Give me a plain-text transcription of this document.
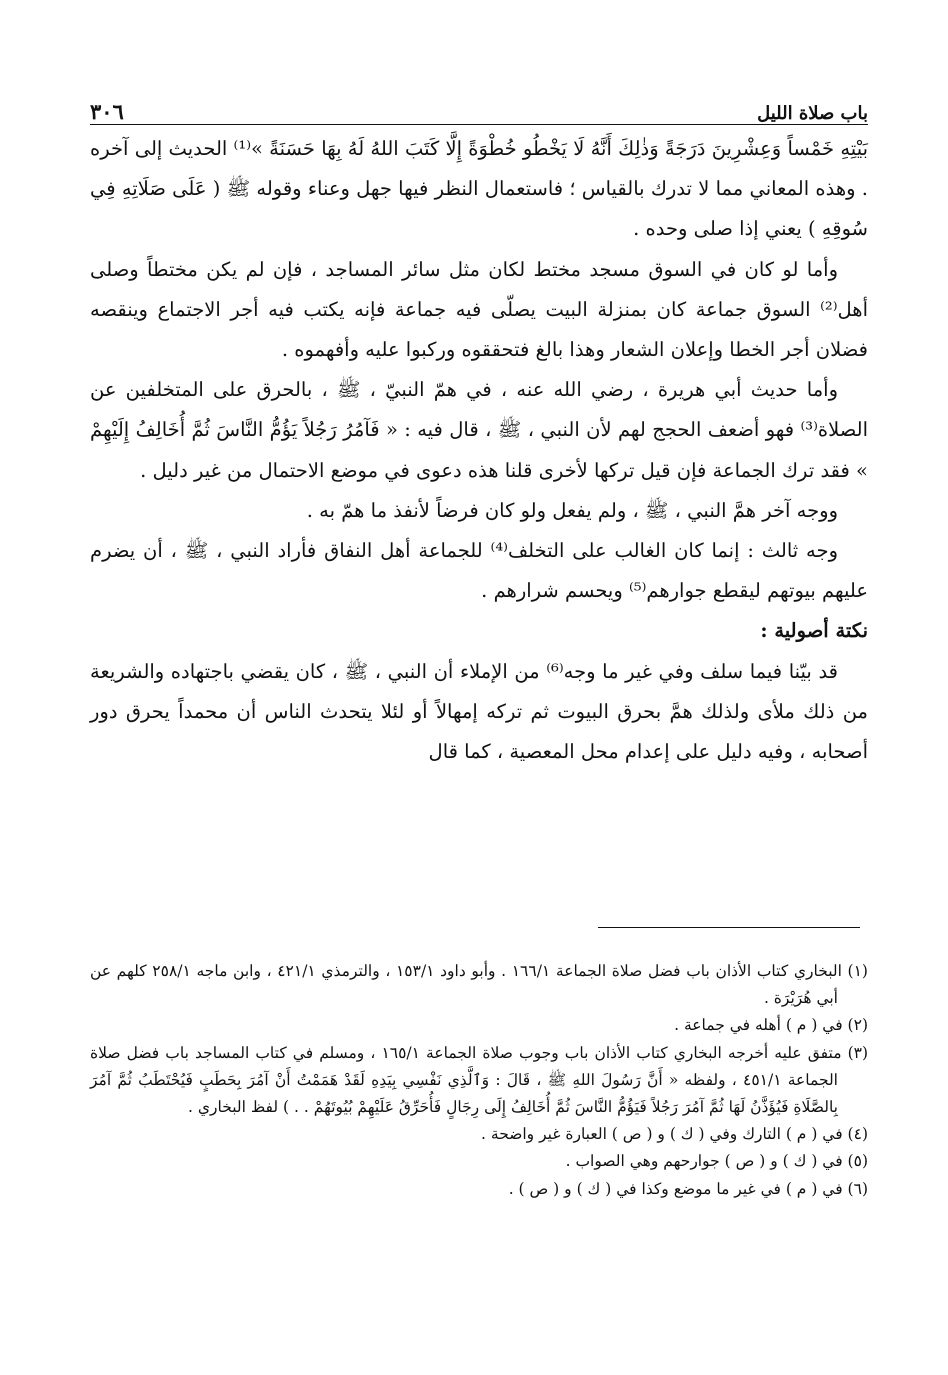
باب صلاة الليل
٣٠٦

بَيْتِهِ خَمْساً وَعِشْرِينَ دَرَجَةً وَذٰلِكَ أَنَّهُ لَا يَخْطُو خُطْوَةً إِلَّا كَتَبَ اللهُ لَهُ بِهَا حَسَنَةً »⁽¹⁾ الحديث إلى آخره . وهذه المعاني مما لا تدرك بالقياس ؛ فاستعمال النظر فيها جهل وعناء وقوله ﷺ ( عَلَى صَلَاتِهِ فِي سُوقِهِ ) يعني إذا صلى وحده .

وأما لو كان في السوق مسجد مختط لكان مثل سائر المساجد ، فإن لم يكن مختطاً وصلى أهل⁽²⁾ السوق جماعة كان بمنزلة البيت يصلّى فيه جماعة فإنه يكتب فيه أجر الاجتماع وينقصه فضلان أجر الخطا وإعلان الشعار وهذا بالغ فتحققوه وركبوا عليه وأفهموه .

وأما حديث أبي هريرة ، رضي الله عنه ، في همّ النبيّ ، ﷺ ، بالحرق على المتخلفين عن الصلاة⁽³⁾ فهو أضعف الحجج لهم لأن النبي ، ﷺ ، قال فيه : « فَآمُرُ رَجُلاً يَؤُمُّ النَّاسَ ثُمَّ أُخَالِفُ إِلَيْهِمْ » فقد ترك الجماعة فإن قيل تركها لأخرى قلنا هذه دعوى في موضع الاحتمال من غير دليل .

ووجه آخر همَّ النبي ، ﷺ ، ولم يفعل ولو كان فرضاً لأنفذ ما همّ به .

وجه ثالث : إنما كان الغالب على التخلف⁽⁴⁾ للجماعة أهل النفاق فأراد النبي ، ﷺ ، أن يضرم عليهم بيوتهم ليقطع جوارهم⁽⁵⁾ ويحسم شرارهم .

نكتة أصولية :

قد بيّنا فيما سلف وفي غير ما وجه⁽⁶⁾ من الإملاء أن النبي ، ﷺ ، كان يقضي باجتهاده والشريعة من ذلك ملأى ولذلك همَّ بحرق البيوت ثم تركه إمهالاً أو لئلا يتحدث الناس أن محمداً يحرق دور أصحابه ، وفيه دليل على إعدام محل المعصية ، كما قال

(١) البخاري كتاب الأذان باب فضل صلاة الجماعة ١٦٦/١ . وأبو داود ١٥٣/١ ، والترمذي ٤٢١/١ ، وابن ماجه ٢٥٨/١ كلهم عن أبي هُرَيْرَة .

(٢) في ( م ) أهله في جماعة .

(٣) متفق عليه أخرجه البخاري كتاب الأذان باب وجوب صلاة الجماعة ١٦٥/١ ، ومسلم في كتاب المساجد باب فضل صلاة الجماعة ٤٥١/١ ، ولفظه « أَنَّ رَسُولَ اللهِ ﷺ ، قَالَ : وَٱلَّذِي نَفْسِي بِيَدِهِ لَقَدْ هَمَمْتُ أَنْ آمُرَ بِحَطَبٍ فَيُحْتَطَبُ ثُمَّ آمُرَ بِالصَّلَاةِ فَيُؤَذَّنُ لَهَا ثُمَّ آمُرَ رَجُلاً فَيَؤُمُّ النَّاسَ ثُمَّ أُخَالِفُ إِلَى رِجَالٍ فَأُحَرِّقُ عَلَيْهِمْ بُيُوتَهُمْ . . ) لفظ البخاري .

(٤) في ( م ) التارك وفي ( ك ) و ( ص ) العبارة غير واضحة .

(٥) في ( ك ) و ( ص ) جوارحهم وهي الصواب .

(٦) في ( م ) في غير ما موضع وكذا في ( ك ) و ( ص ) .
